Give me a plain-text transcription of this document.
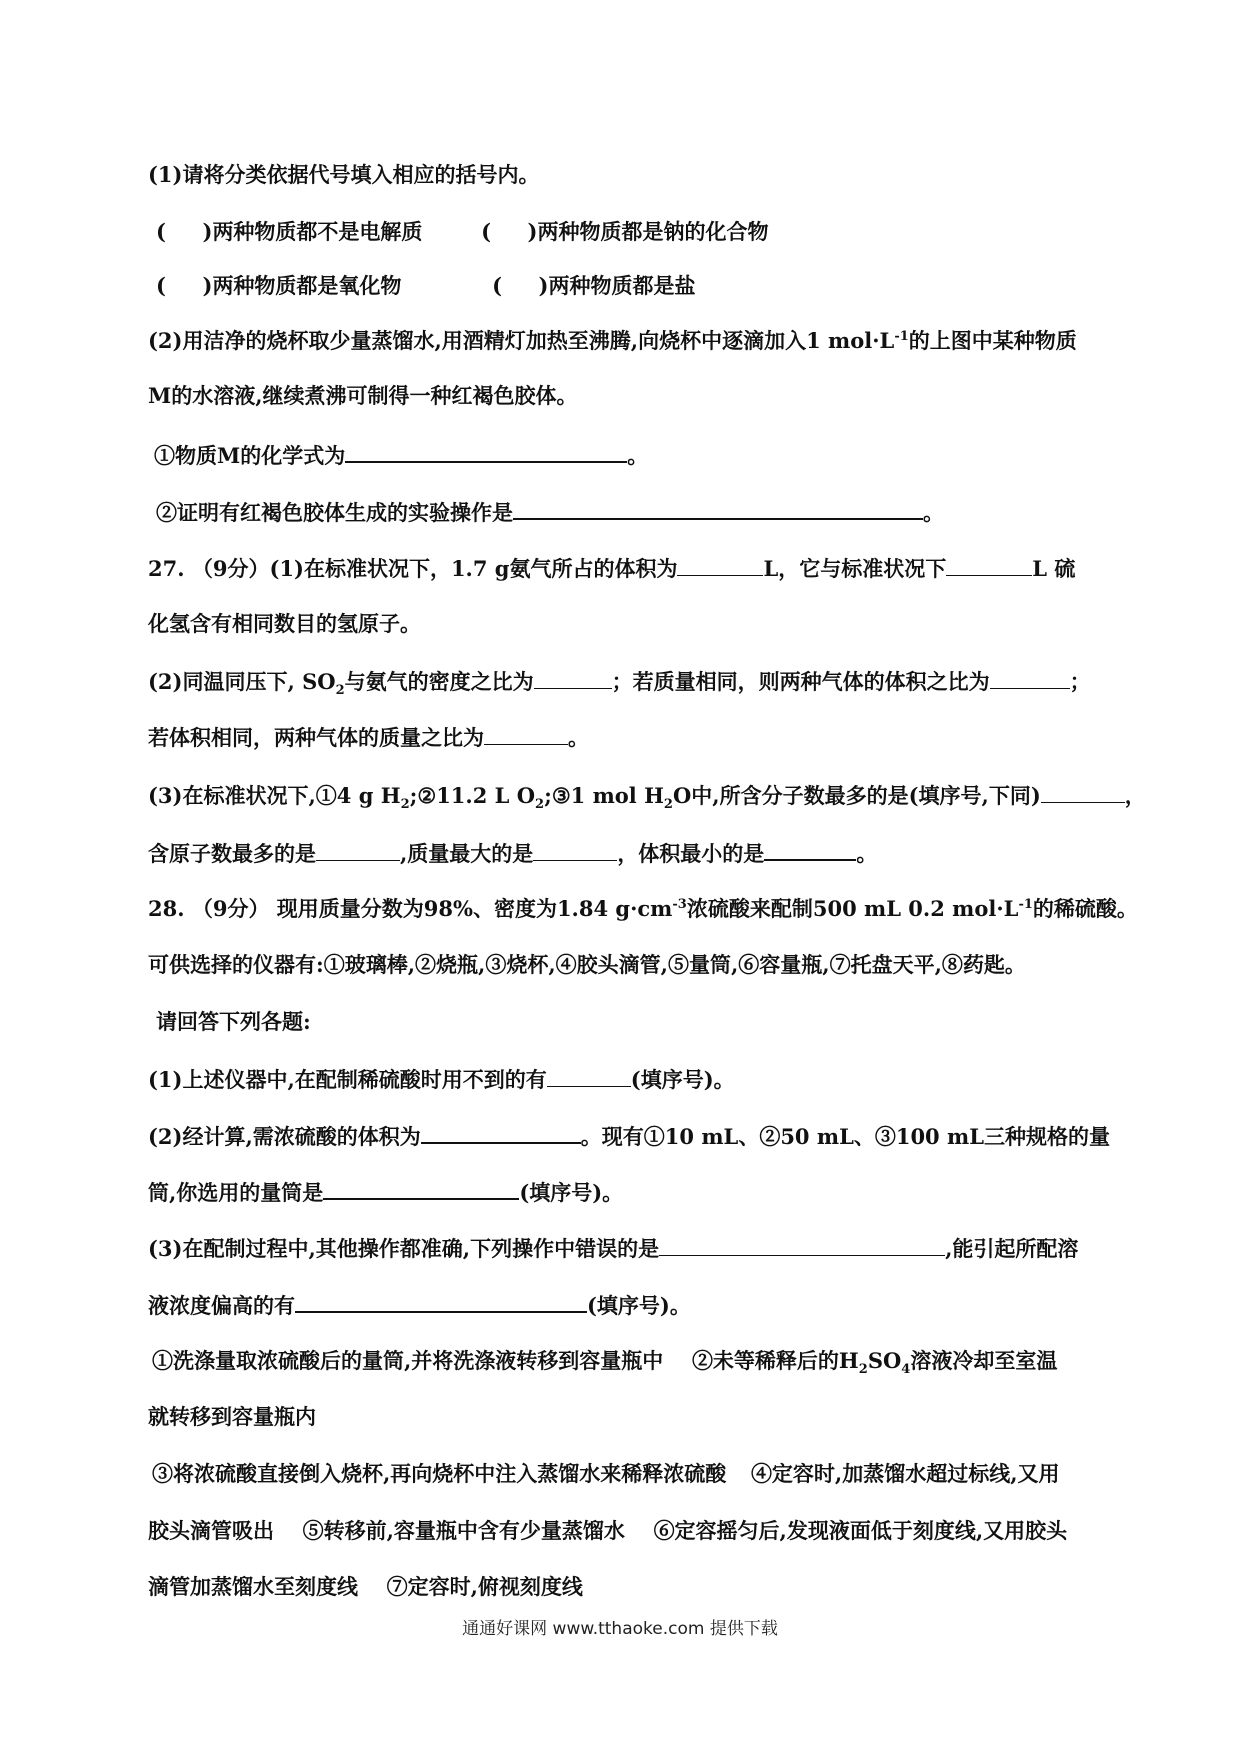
(1)请将分类依据代号填入相应的括号内。
(     )两种物质都不是电解质	(     )两种物质都是钠的化合物
(     )两种物质都是氧化物	(     )两种物质都是盐
(2)用洁净的烧杯取少量蒸馏水,用酒精灯加热至沸腾,向烧杯中逐滴加入1 $mol\cdot L^{-1}$的上图中某种物质
M的水溶液,继续煮沸可制得一种红褐色胶体。
①物质M的化学式为	。
②证明有红褐色胶体生成的实验操作是	。
27. （9分）(1)在标准状况下，1.7 g氨气所占的体积为	L，它与标准状况下	L 硫
化氢含有相同数目的氢原子。
(2)同温同压下, $SO_2$与氨气的密度之比为	；若质量相同，则两种气体的体积之比为	；
若体积相同，两种气体的质量之比为	。
(3)在标准状况下,①4 g $H_2;②11.2$ L $O_2;③1$ mol $H_2O$中,所含分子数最多的是(填序号,下同)	，
含原子数最多的是	,质量最大的是	，体积最小的是	。
28. （9分） 现用质量分数为98%、密度为1.84 $g\cdot cm^{-3}$浓硫酸来配制500 mL 0.2 $mol\cdot L^{-1}$的稀硫酸。
可供选择的仪器有:①玻璃棒,②烧瓶,③烧杯,④胶头滴管,⑤量筒,⑥容量瓶,⑦托盘天平,⑧药匙。
请回答下列各题:
(1)上述仪器中,在配制稀硫酸时用不到的有	(填序号)。
(2)经计算,需浓硫酸的体积为	。现有①10 mL、②50 mL、③100 mL三种规格的量
筒,你选用的量筒是	(填序号)。
(3)在配制过程中,其他操作都准确,下列操作中错误的是	,能引起所配溶
液浓度偏高的有	(填序号)。
①洗涤量取浓硫酸后的量筒,并将洗涤液转移到容量瓶中 ②未等稀释后的$H_2SO_4$溶液冷却至室温
就转移到容量瓶内
③将浓硫酸直接倒入烧杯,再向烧杯中注入蒸馏水来稀释浓硫酸 ④定容时,加蒸馏水超过标线,又用
胶头滴管吸出 ⑤转移前,容量瓶中含有少量蒸馏水 ⑥定容摇匀后,发现液面低于刻度线,又用胶头
滴管加蒸馏水至刻度线 ⑦定容时,俯视刻度线
通通好课网 www.tthaoke.com 提供下载
